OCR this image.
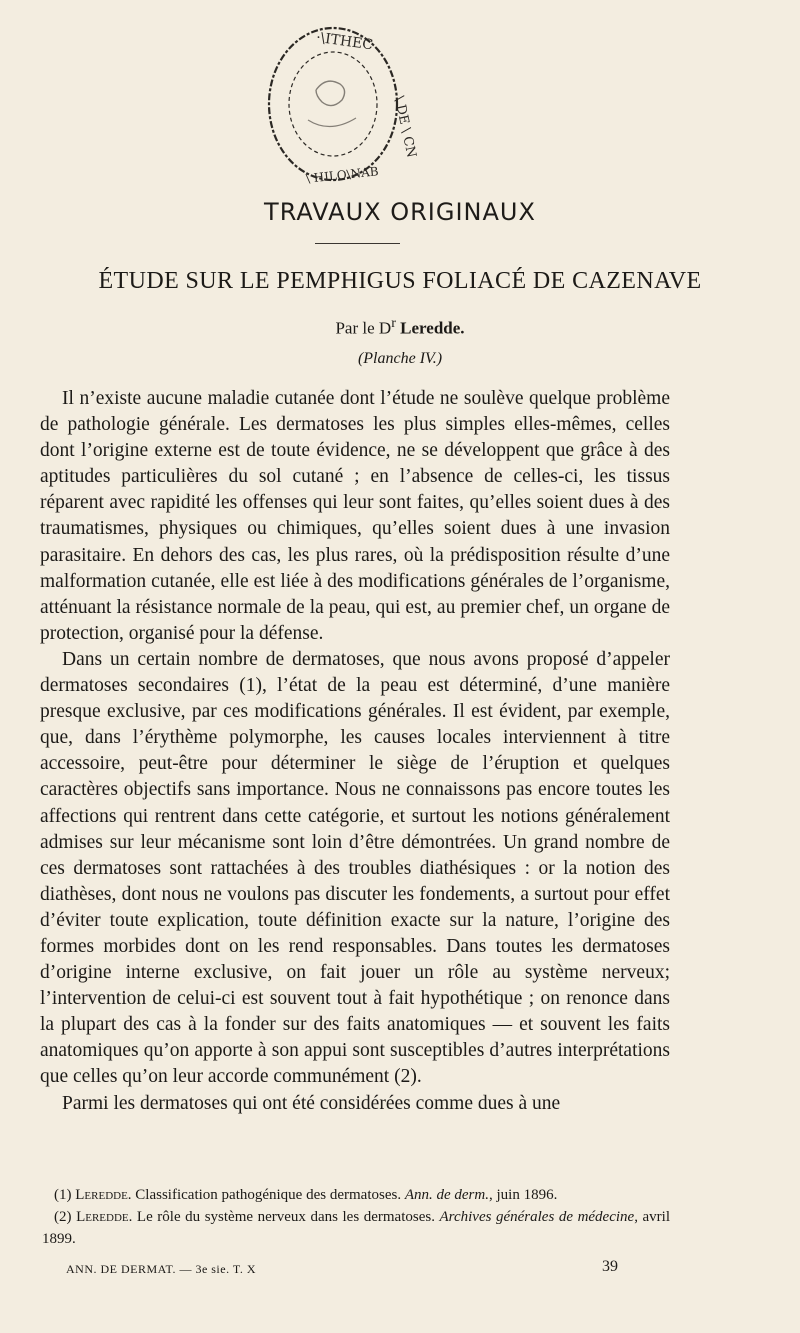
·\ITHEC
\ DE \ CN
\ HILO\NAB
TRAVAUX ORIGINAUX
ÉTUDE SUR LE PEMPHIGUS FOLIACÉ DE CAZENAVE
Par le $D^r$ Leredde.
(Planche IV.)

Il n’existe aucune maladie cutanée dont l’étude ne soulève quelque problème de pathologie générale. Les dermatoses les plus simples elles-mêmes, celles dont l’origine externe est de toute évidence, ne se développent que grâce à des aptitudes particulières du sol cutané ; en l’absence de celles-ci, les tissus réparent avec rapidité les offenses qui leur sont faites, qu’elles soient dues à des traumatismes, physiques ou chimiques, qu’elles soient dues à une invasion parasitaire. En dehors des cas, les plus rares, où la prédisposition résulte d’une malformation cutanée, elle est liée à des modifications générales de l’organisme, atténuant la résistance normale de la peau, qui est, au premier chef, un organe de protection, organisé pour la défense.

Dans un certain nombre de dermatoses, que nous avons proposé d’appeler dermatoses secondaires (1), l’état de la peau est déterminé, d’une manière presque exclusive, par ces modifications générales. Il est évident, par exemple, que, dans l’érythème polymorphe, les causes locales interviennent à titre accessoire, peut-être pour déterminer le siège de l’éruption et quelques caractères objectifs sans importance. Nous ne connaissons pas encore toutes les affections qui rentrent dans cette catégorie, et surtout les notions généralement admises sur leur mécanisme sont loin d’être démontrées. Un grand nombre de ces dermatoses sont rattachées à des troubles diathésiques : or la notion des diathèses, dont nous ne voulons pas discuter les fondements, a surtout pour effet d’éviter toute explication, toute définition exacte sur la nature, l’origine des formes morbides dont on les rend responsables. Dans toutes les dermatoses d’origine interne exclusive, on fait jouer un rôle au système nerveux; l’intervention de celui-ci est souvent tout à fait hypothétique ; on renonce dans la plupart des cas à la fonder sur des faits anatomiques — et souvent les faits anatomiques qu’on apporte à son appui sont susceptibles d’autres interprétations que celles qu’on leur accorde communément (2).

Parmi les dermatoses qui ont été considérées comme dues à une

(1) Leredde. Classification pathogénique des dermatoses. Ann. de derm., juin 1896.

(2) Leredde. Le rôle du système nerveux dans les dermatoses. Archives générales de médecine, avril 1899.

ANN. DE DERMAT. — 3e sie. T. X	39
